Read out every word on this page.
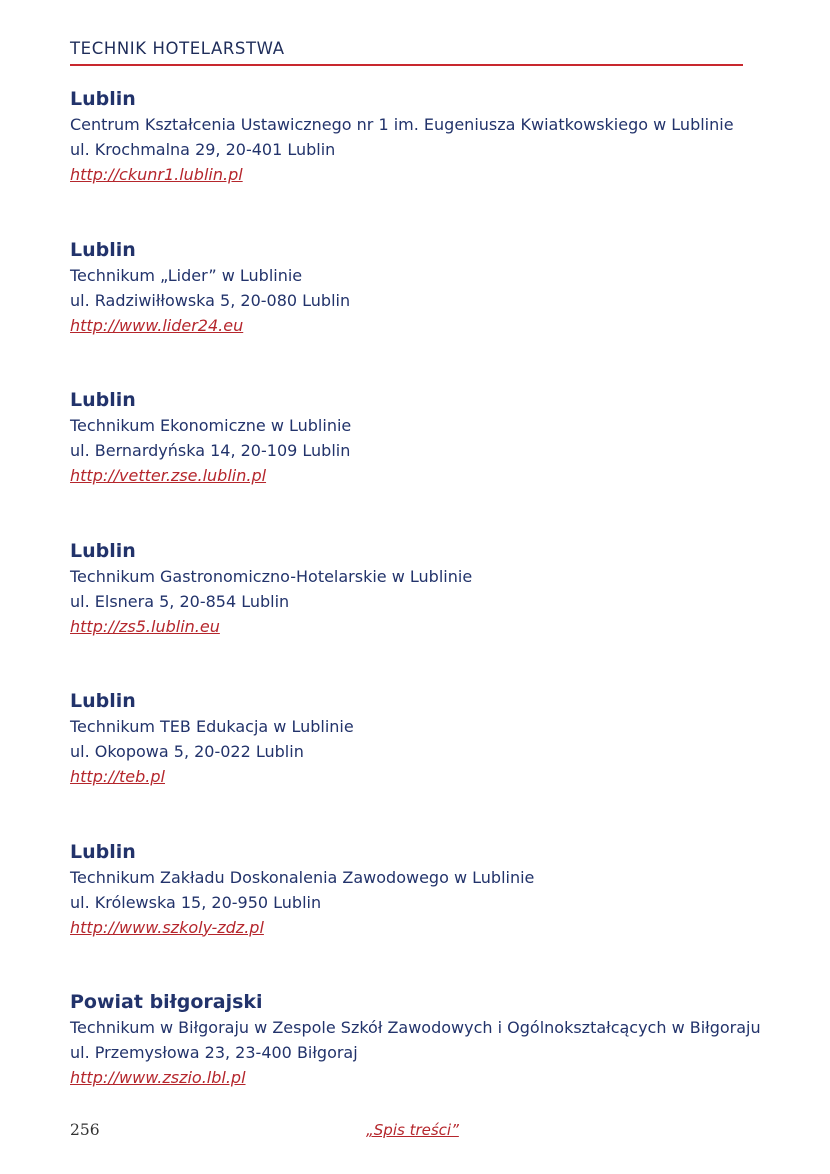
TECHNIK HOTELARSTWA
Lublin
Centrum Kształcenia Ustawicznego nr 1 im. Eugeniusza Kwiatkowskiego w Lublinie
ul. Krochmalna 29, 20-401 Lublin
http://ckunr1.lublin.pl
Lublin
Technikum „Lider” w Lublinie
ul. Radziwiłłowska 5, 20-080 Lublin
http://www.lider24.eu
Lublin
Technikum Ekonomiczne w Lublinie
ul. Bernardyńska 14, 20-109 Lublin
http://vetter.zse.lublin.pl
Lublin
Technikum Gastronomiczno-Hotelarskie w Lublinie
ul. Elsnera 5, 20-854 Lublin
http://zs5.lublin.eu
Lublin
Technikum TEB Edukacja w Lublinie
ul. Okopowa 5, 20-022 Lublin
http://teb.pl
Lublin
Technikum Zakładu Doskonalenia Zawodowego w Lublinie
ul. Królewska 15, 20-950 Lublin
http://www.szkoly-zdz.pl
Powiat biłgorajski
Technikum w Biłgoraju w Zespole Szkół Zawodowych i Ogólnokształcących w Biłgoraju
ul. Przemysłowa 23, 23-400 Biłgoraj
http://www.zszio.lbl.pl
256	„Spis treści”
